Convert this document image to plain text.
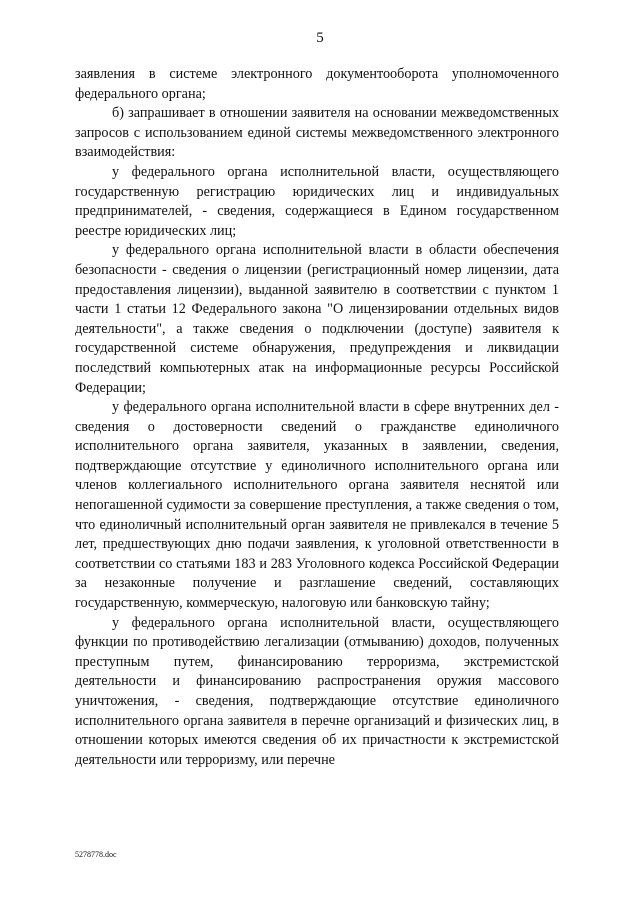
5

заявления в системе электронного документооборота уполномоченного федерального органа;

б) запрашивает в отношении заявителя на основании межведомственных запросов с использованием единой системы межведомственного электронного взаимодействия:

у федерального органа исполнительной власти, осуществляющего государственную регистрацию юридических лиц и индивидуальных предпринимателей, - сведения, содержащиеся в Едином государственном реестре юридических лиц;

у федерального органа исполнительной власти в области обеспечения безопасности - сведения о лицензии (регистрационный номер лицензии, дата предоставления лицензии), выданной заявителю в соответствии с пунктом 1 части 1 статьи 12 Федерального закона "О лицензировании отдельных видов деятельности", а также сведения о подключении (доступе) заявителя к государственной системе обнаружения, предупреждения и ликвидации последствий компьютерных атак на информационные ресурсы Российской Федерации;

у федерального органа исполнительной власти в сфере внутренних дел - сведения о достоверности сведений о гражданстве единоличного исполнительного органа заявителя, указанных в заявлении, сведения, подтверждающие отсутствие у единоличного исполнительного органа или членов коллегиального исполнительного органа заявителя неснятой или непогашенной судимости за совершение преступления, а также сведения о том, что единоличный исполнительный орган заявителя не привлекался в течение 5 лет, предшествующих дню подачи заявления, к уголовной ответственности в соответствии со статьями 183 и 283 Уголовного кодекса Российской Федерации за незаконные получение и разглашение сведений, составляющих государственную, коммерческую, налоговую или банковскую тайну;

у федерального органа исполнительной власти, осуществляющего функции по противодействию легализации (отмыванию) доходов, полученных преступным путем, финансированию терроризма, экстремистской деятельности и финансированию распространения оружия массового уничтожения, - сведения, подтверждающие отсутствие единоличного исполнительного органа заявителя в перечне организаций и физических лиц, в отношении которых имеются сведения об их причастности к экстремистской деятельности или терроризму, или перечне

5278778.doc
